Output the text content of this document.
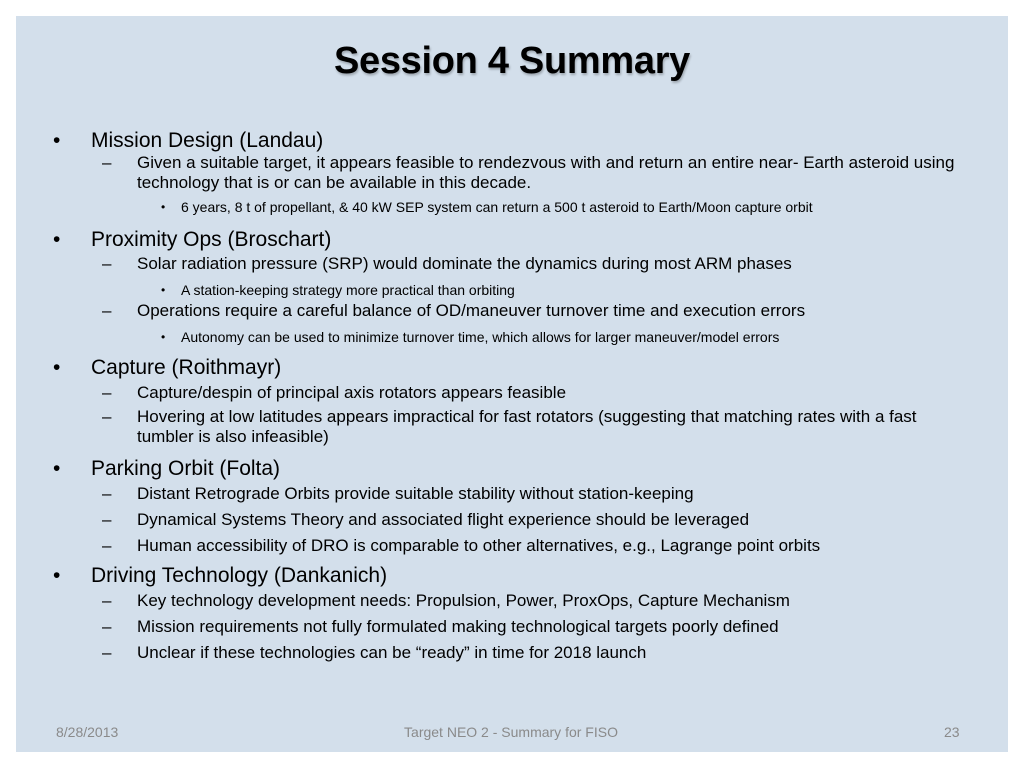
Session 4 Summary
• Mission Design (Landau)
– Given a suitable target, it appears feasible to rendezvous with and return an entire near- Earth asteroid using technology that is or can be available in this decade.
• 6 years, 8 t of propellant, & 40 kW SEP system can return a 500 t asteroid to Earth/Moon capture orbit
• Proximity Ops (Broschart)
– Solar radiation pressure (SRP) would dominate the dynamics during most ARM phases
• A station-keeping strategy more practical than orbiting
– Operations require a careful balance of OD/maneuver turnover time and execution errors
• Autonomy can be used to minimize turnover time, which allows for larger maneuver/model errors
• Capture (Roithmayr)
– Capture/despin of principal axis rotators appears feasible
– Hovering at low latitudes appears impractical for fast rotators (suggesting that matching rates with a fast tumbler is also infeasible)
• Parking Orbit (Folta)
– Distant Retrograde Orbits provide suitable stability without station-keeping
– Dynamical Systems Theory and associated flight experience should be leveraged
– Human accessibility of DRO is comparable to other alternatives, e.g., Lagrange point orbits
• Driving Technology (Dankanich)
– Key technology development needs: Propulsion, Power, ProxOps, Capture Mechanism
– Mission requirements not fully formulated making technological targets poorly defined
– Unclear if these technologies can be “ready” in time for 2018 launch
8/28/2013	Target NEO 2 - Summary for FISO	23
